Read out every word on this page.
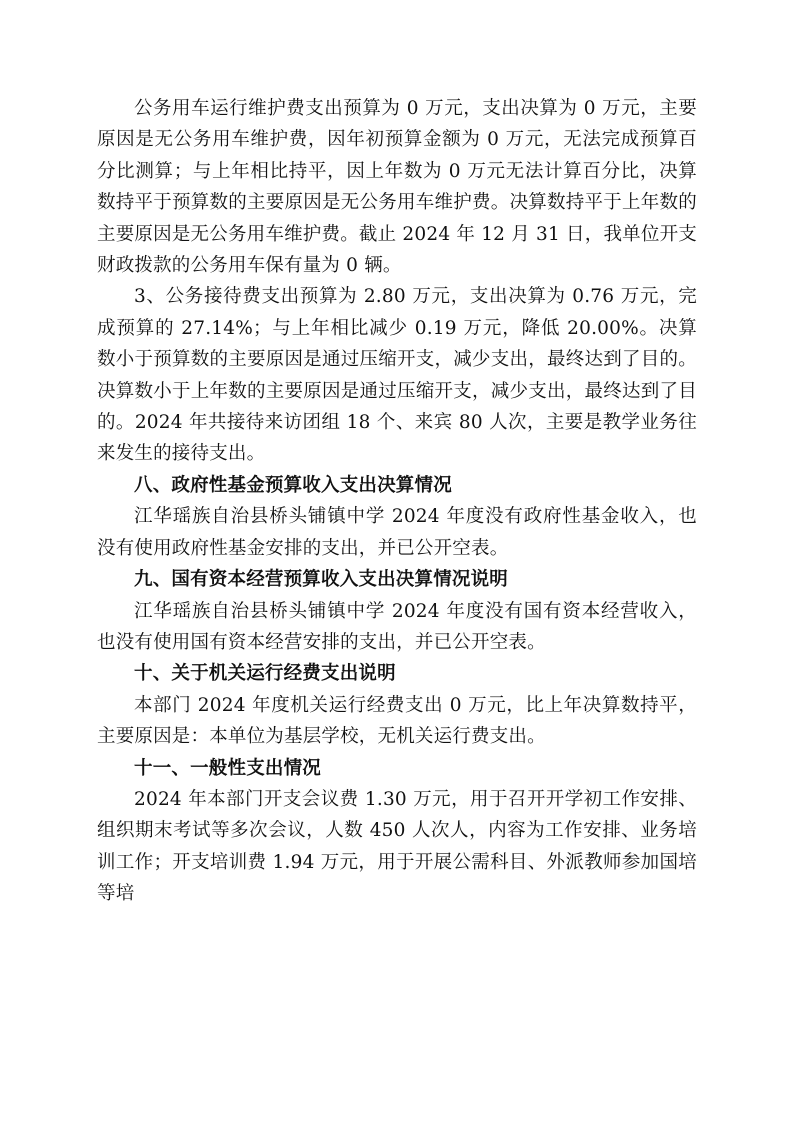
公务用车运行维护费支出预算为 0 万元，支出决算为 0 万元，主要原因是无公务用车维护费，因年初预算金额为 0 万元，无法完成预算百分比测算；与上年相比持平，因上年数为 0 万元无法计算百分比，决算数持平于预算数的主要原因是无公务用车维护费。决算数持平于上年数的主要原因是无公务用车维护费。截止 2024 年 12 月 31 日，我单位开支财政拨款的公务用车保有量为 0 辆。

3、公务接待费支出预算为 2.80 万元，支出决算为 0.76 万元，完成预算的 27.14%；与上年相比减少 0.19 万元，降低 20.00%。决算数小于预算数的主要原因是通过压缩开支，减少支出，最终达到了目的。决算数小于上年数的主要原因是通过压缩开支，减少支出，最终达到了目的。2024 年共接待来访团组 18 个、来宾 80 人次，主要是教学业务往来发生的接待支出。

八、政府性基金预算收入支出决算情况

江华瑶族自治县桥头铺镇中学 2024 年度没有政府性基金收入，也没有使用政府性基金安排的支出，并已公开空表。

九、国有资本经营预算收入支出决算情况说明

江华瑶族自治县桥头铺镇中学 2024 年度没有国有资本经营收入，也没有使用国有资本经营安排的支出，并已公开空表。

十、关于机关运行经费支出说明

本部门 2024 年度机关运行经费支出 0 万元，比上年决算数持平，主要原因是：本单位为基层学校，无机关运行费支出。

十一、一般性支出情况

2024 年本部门开支会议费 1.30 万元，用于召开开学初工作安排、组织期末考试等多次会议，人数 450 人次人，内容为工作安排、业务培训工作；开支培训费 1.94 万元，用于开展公需科目、外派教师参加国培等培
